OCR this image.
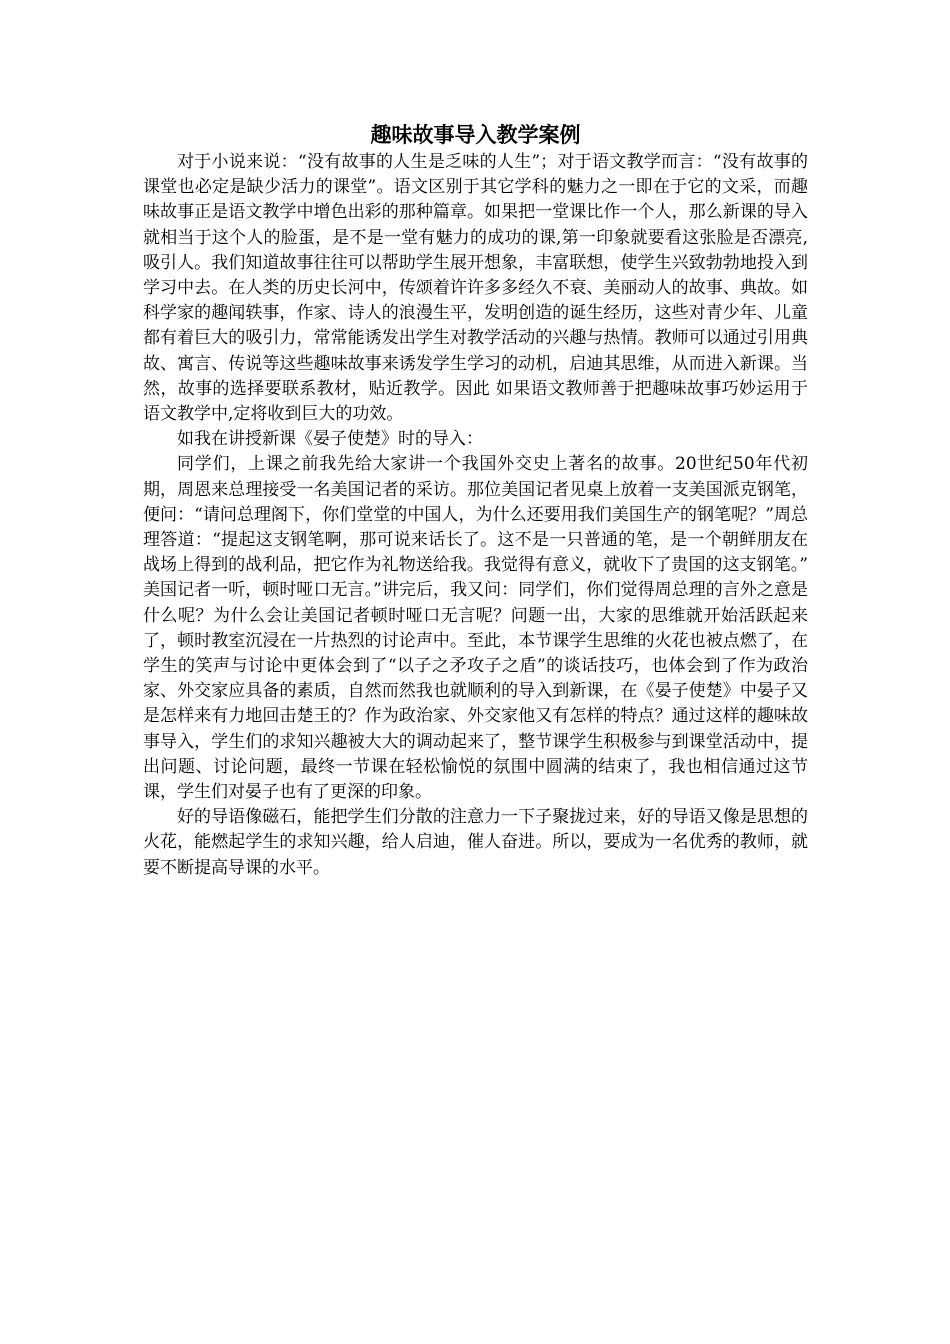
趣味故事导入教学案例

对于小说来说：“没有故事的人生是乏味的人生”；对于语文教学而言：“没有故事的课堂也必定是缺少活力的课堂”。语文区别于其它学科的魅力之一即在于它的文采，而趣味故事正是语文教学中增色出彩的那种篇章。如果把一堂课比作一个人，那么新课的导入就相当于这个人的脸蛋，是不是一堂有魅力的成功的课,第一印象就要看这张脸是否漂亮,吸引人。我们知道故事往往可以帮助学生展开想象，丰富联想，使学生兴致勃勃地投入到学习中去。在人类的历史长河中，传颂着许许多多经久不衰、美丽动人的故事、典故。如科学家的趣闻轶事，作家、诗人的浪漫生平，发明创造的诞生经历，这些对青少年、儿童都有着巨大的吸引力，常常能诱发出学生对教学活动的兴趣与热情。教师可以通过引用典故、寓言、传说等这些趣味故事来诱发学生学习的动机，启迪其思维，从而进入新课。当然，故事的选择要联系教材，贴近教学。因此 如果语文教师善于把趣味故事巧妙运用于语文教学中,定将收到巨大的功效。

如我在讲授新课《晏子使楚》时的导入：

同学们，上课之前我先给大家讲一个我国外交史上著名的故事。20世纪50年代初期，周恩来总理接受一名美国记者的采访。那位美国记者见桌上放着一支美国派克钢笔，便问：“请问总理阁下，你们堂堂的中国人，为什么还要用我们美国生产的钢笔呢？”周总理答道：“提起这支钢笔啊，那可说来话长了。这不是一只普通的笔，是一个朝鲜朋友在战场上得到的战利品，把它作为礼物送给我。我觉得有意义，就收下了贵国的这支钢笔。” 美国记者一听，顿时哑口无言。”讲完后，我又问：同学们，你们觉得周总理的言外之意是什么呢？为什么会让美国记者顿时哑口无言呢？问题一出，大家的思维就开始活跃起来了，顿时教室沉浸在一片热烈的讨论声中。至此，本节课学生思维的火花也被点燃了，在学生的笑声与讨论中更体会到了“以子之矛攻子之盾”的谈话技巧，也体会到了作为政治家、外交家应具备的素质，自然而然我也就顺利的导入到新课，在《晏子使楚》中晏子又是怎样来有力地回击楚王的？作为政治家、外交家他又有怎样的特点？通过这样的趣味故事导入，学生们的求知兴趣被大大的调动起来了，整节课学生积极参与到课堂活动中，提出问题、讨论问题，最终一节课在轻松愉悦的氛围中圆满的结束了，我也相信通过这节课，学生们对晏子也有了更深的印象。

好的导语像磁石，能把学生们分散的注意力一下子聚拢过来，好的导语又像是思想的火花，能燃起学生的求知兴趣，给人启迪，催人奋进。所以，要成为一名优秀的教师，就要不断提高导课的水平。
